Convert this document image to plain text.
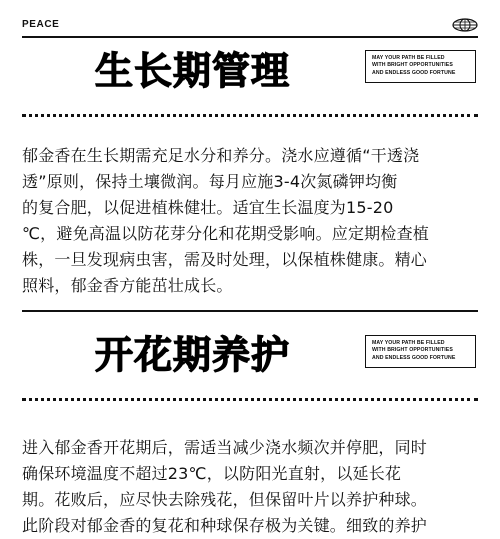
PEACE
生长期管理	MAY YOUR PATH BE FILLED
WITH BRIGHT OPPORTUNITIES
AND ENDLESS GOOD FORTUNE
郁金香在生长期需充足水分和养分。浇水应遵循“干透浇
透”原则，保持土壤微润。每月应施3-4次氮磷钾均衡
的复合肥，以促进植株健壮。适宜生长温度为15-20
℃，避免高温以防花芽分化和花期受影响。应定期检查植
株，一旦发现病虫害，需及时处理，以保植株健康。精心
照料，郁金香方能茁壮成长。
开花期养护	MAY YOUR PATH BE FILLED
WITH BRIGHT OPPORTUNITIES
AND ENDLESS GOOD FORTUNE
进入郁金香开花期后，需适当减少浇水频次并停肥，同时
确保环境温度不超过23℃，以防阳光直射，以延长花
期。花败后，应尽快去除残花，但保留叶片以养护种球。
此阶段对郁金香的复花和种球保存极为关键。细致的养护
